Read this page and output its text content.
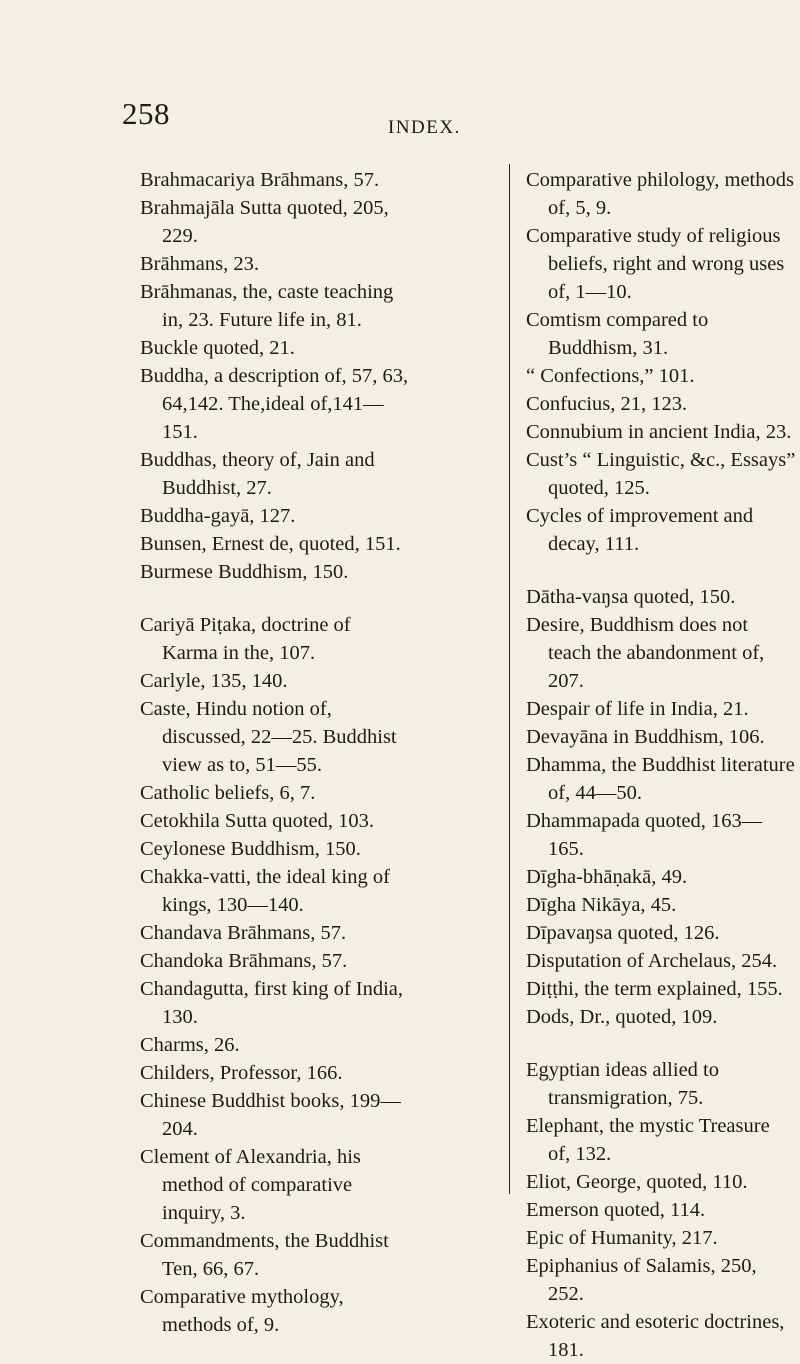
258	INDEX.

Brahmacariya Brāhmans, 57.

Brahmajāla Sutta quoted, 205, 229.

Brāhmans, 23.

Brāhmanas, the, caste teaching in, 23. Future life in, 81.

Buckle quoted, 21.

Buddha, a description of, 57, 63, 64,142. The,ideal of,141—151.

Buddhas, theory of, Jain and Buddhist, 27.

Buddha-gayā, 127.

Bunsen, Ernest de, quoted, 151.

Burmese Buddhism, 150.

Cariyā Piṭaka, doctrine of Karma in the, 107.

Carlyle, 135, 140.

Caste, Hindu notion of, discussed, 22—25. Buddhist view as to, 51—55.

Catholic beliefs, 6, 7.

Cetokhila Sutta quoted, 103.

Ceylonese Buddhism, 150.

Chakka-vatti, the ideal king of kings, 130—140.

Chandava Brāhmans, 57.

Chandoka Brāhmans, 57.

Chandagutta, first king of India, 130.

Charms, 26.

Childers, Professor, 166.

Chinese Buddhist books, 199—204.

Clement of Alexandria, his method of comparative inquiry, 3.

Commandments, the Buddhist Ten, 66, 67.

Comparative mythology, methods of, 9.

Comparative philology, methods of, 5, 9.

Comparative study of religious beliefs, right and wrong uses of, 1—10.

Comtism compared to Buddhism, 31.

“ Confections,” 101.

Confucius, 21, 123.

Connubium in ancient India, 23.

Cust’s “ Linguistic, &c., Essays” quoted, 125.

Cycles of improvement and decay, 111.

Dātha-vaŋsa quoted, 150.

Desire, Buddhism does not teach the abandonment of, 207.

Despair of life in India, 21.

Devayāna in Buddhism, 106.

Dhamma, the Buddhist literature of, 44—50.

Dhammapada quoted, 163—165.

Dīgha-bhāṇakā, 49.

Dīgha Nikāya, 45.

Dīpavaŋsa quoted, 126.

Disputation of Archelaus, 254.

Diṭṭhi, the term explained, 155.

Dods, Dr., quoted, 109.

Egyptian ideas allied to transmigration, 75.

Elephant, the mystic Treasure of, 132.

Eliot, George, quoted, 110.

Emerson quoted, 114.

Epic of Humanity, 217.

Epiphanius of Salamis, 250, 252.

Exoteric and esoteric doctrines, 181.
